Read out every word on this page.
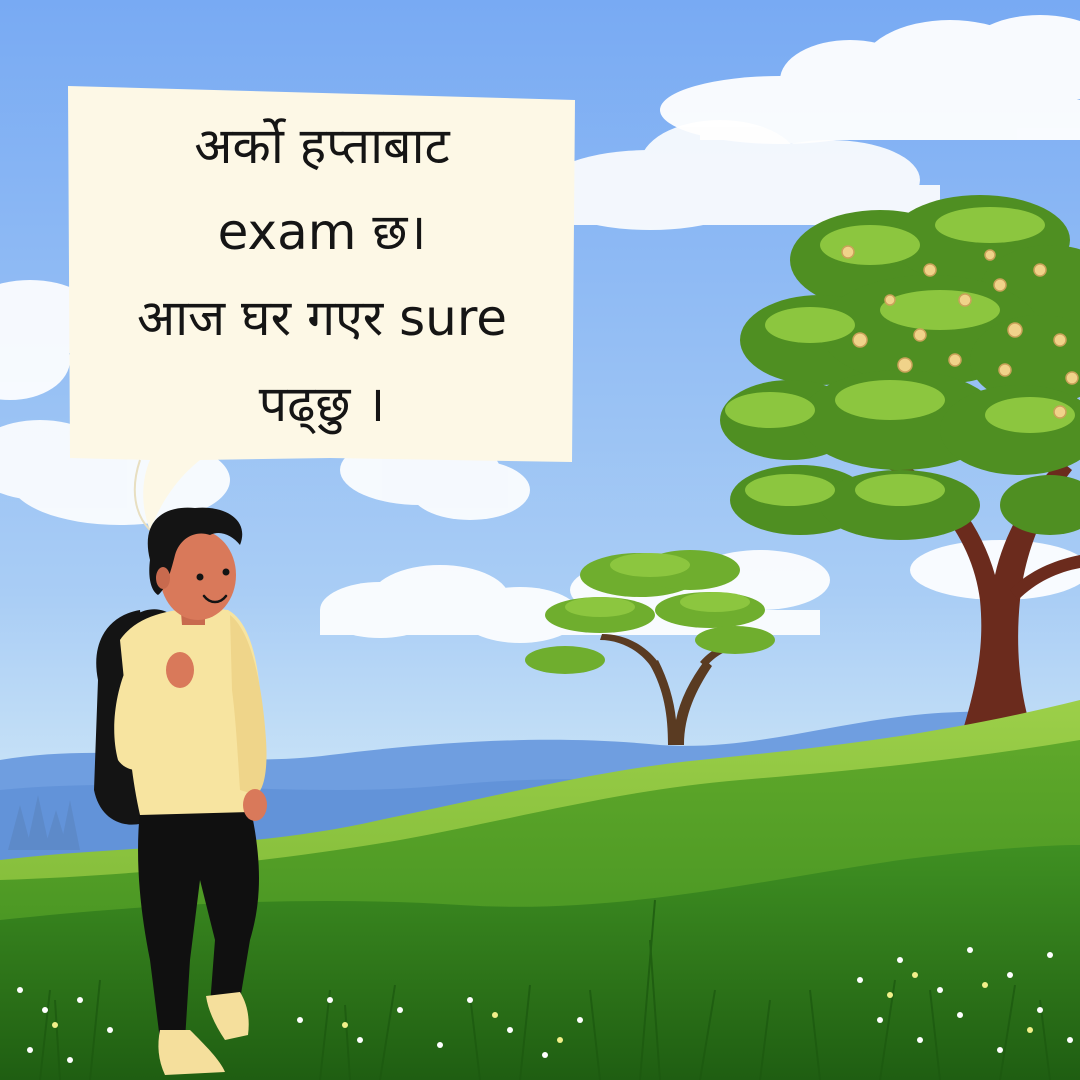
अर्को हप्ताबाट
exam छ।
आज घर गएर sure
पढ्छु ।
